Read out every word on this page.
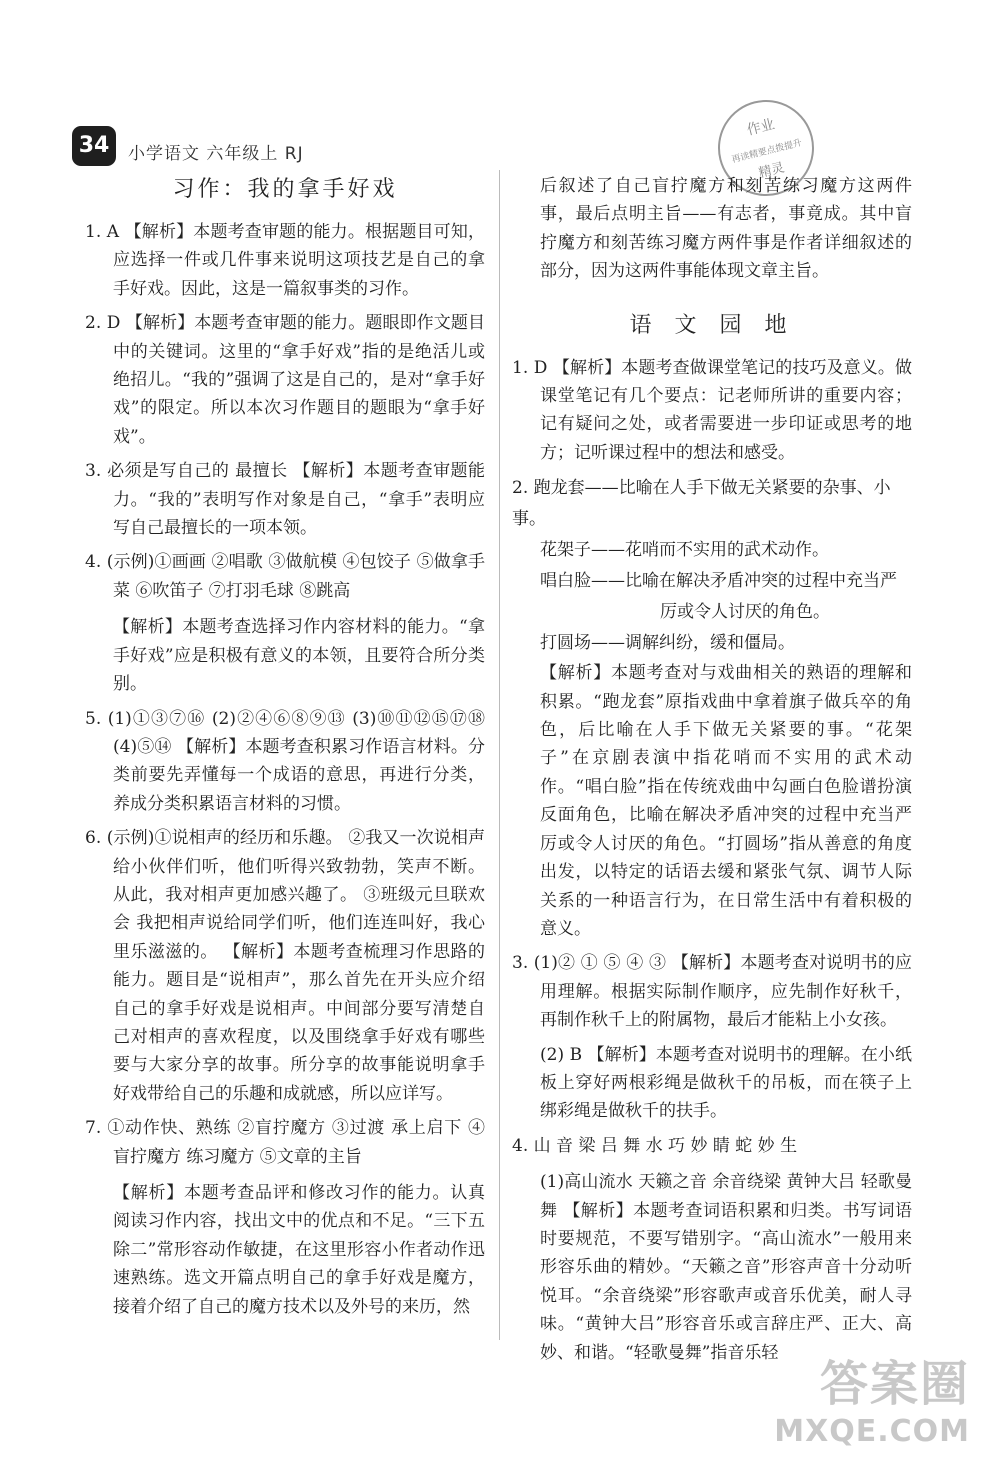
34	小学语文 六年级上 RJ
作业
再读精要点拨提升
精灵
习作：我的拿手好戏

1. A 【解析】本题考查审题的能力。根据题目可知，应选择一件或几件事来说明这项技艺是自己的拿手好戏。因此，这是一篇叙事类的习作。

2. D 【解析】本题考查审题的能力。题眼即作文题目中的关键词。这里的“拿手好戏”指的是绝活儿或绝招儿。“我的”强调了这是自己的，是对“拿手好戏”的限定。所以本次习作题目的题眼为“拿手好戏”。

3. 必须是写自己的 最擅长 【解析】本题考查审题能力。“我的”表明写作对象是自己，“拿手”表明应写自己最擅长的一项本领。

4. (示例)①画画 ②唱歌 ③做航模 ④包饺子 ⑤做拿手菜 ⑥吹笛子 ⑦打羽毛球 ⑧跳高

【解析】本题考查选择习作内容材料的能力。“拿手好戏”应是积极有意义的本领，且要符合所分类别。

5. (1)①③⑦⑯ (2)②④⑥⑧⑨⑬ (3)⑩⑪⑫⑮⑰⑱ (4)⑤⑭ 【解析】本题考查积累习作语言材料。分类前要先弄懂每一个成语的意思，再进行分类，养成分类积累语言材料的习惯。

6. (示例)①说相声的经历和乐趣。 ②我又一次说相声给小伙伴们听，他们听得兴致勃勃，笑声不断。从此，我对相声更加感兴趣了。 ③班级元旦联欢会 我把相声说给同学们听，他们连连叫好，我心里乐滋滋的。 【解析】本题考查梳理习作思路的能力。题目是“说相声”，那么首先在开头应介绍自己的拿手好戏是说相声。中间部分要写清楚自己对相声的喜欢程度，以及围绕拿手好戏有哪些要与大家分享的故事。所分享的故事能说明拿手好戏带给自己的乐趣和成就感，所以应详写。

7. ①动作快、熟练 ②盲拧魔方 ③过渡 承上启下 ④盲拧魔方 练习魔方 ⑤文章的主旨

【解析】本题考查品评和修改习作的能力。认真阅读习作内容，找出文中的优点和不足。“三下五除二”常形容动作敏捷，在这里形容小作者动作迅速熟练。选文开篇点明自己的拿手好戏是魔方，接着介绍了自己的魔方技术以及外号的来历，然

后叙述了自己盲拧魔方和刻苦练习魔方这两件事，最后点明主旨——有志者，事竟成。其中盲拧魔方和刻苦练习魔方两件事是作者详细叙述的部分，因为这两件事能体现文章主旨。

语 文 园 地

1. D 【解析】本题考查做课堂笔记的技巧及意义。做课堂笔记有几个要点：记老师所讲的重要内容；记有疑问之处，或者需要进一步印证或思考的地方；记听课过程中的想法和感受。

2. 跑龙套——比喻在人手下做无关紧要的杂事、小事。
花架子——花哨而不实用的武术动作。
唱白脸——比喻在解决矛盾冲突的过程中充当严
厉或令人讨厌的角色。
打圆场——调解纠纷，缓和僵局。

【解析】本题考查对与戏曲相关的熟语的理解和积累。“跑龙套”原指戏曲中拿着旗子做兵卒的角色，后比喻在人手下做无关紧要的事。“花架子”在京剧表演中指花哨而不实用的武术动作。“唱白脸”指在传统戏曲中勾画白色脸谱扮演反面角色，比喻在解决矛盾冲突的过程中充当严厉或令人讨厌的角色。“打圆场”指从善意的角度出发，以特定的话语去缓和紧张气氛、调节人际关系的一种语言行为，在日常生活中有着积极的意义。

3. (1)② ① ⑤ ④ ③ 【解析】本题考查对说明书的应用理解。根据实际制作顺序，应先制作好秋千，再制作秋千上的附属物，最后才能粘上小女孩。

(2) B 【解析】本题考查对说明书的理解。在小纸板上穿好两根彩绳是做秋千的吊板，而在筷子上绑彩绳是做秋千的扶手。

4. 山 音 梁 吕 舞 水 巧 妙 睛 蛇 妙 生

(1)高山流水 天籁之音 余音绕梁 黄钟大吕 轻歌曼舞 【解析】本题考查词语积累和归类。书写词语时要规范，不要写错别字。“高山流水”一般用来形容乐曲的精妙。“天籁之音”形容声音十分动听悦耳。“余音绕梁”形容歌声或音乐优美，耐人寻味。“黄钟大吕”形容音乐或言辞庄严、正大、高妙、和谐。“轻歌曼舞”指音乐轻

答案圈
MXQE.COM
